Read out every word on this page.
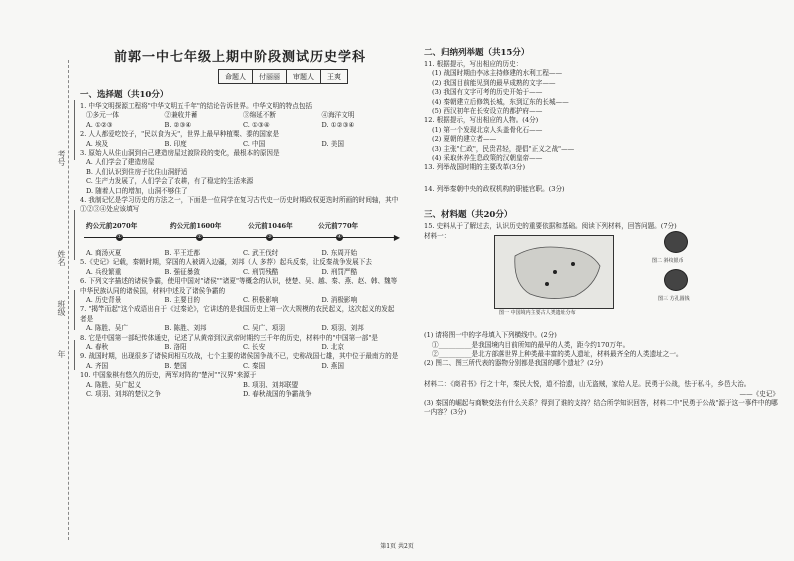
考号
姓名
班级
年
前郭一中七年级上期中阶段测试历史学科
命题人	付丽丽	审题人	王爽
一、选择题（共10分）

1. 中华文明探源工程将"中华文明五千年"的结论告诉世界。中华文明的特点包括

①多元一体	②兼收并蓄	③绵延不断	④海洋文明
A. ①②③	B. ②③④	C. ①③④	D. ①②③④

2. 人人都爱吃饺子，"民以食为天"，世界上最早种植粟、黍的国家是

A. 埃及	B. 印度	C. 中国	D. 美国

3. 原始人从住山洞到自己建造房屋过渡阶段的变化，最根本的原因是

A. 人们学会了建造房屋
B. 人们认识到住房子比住山洞舒适
C. 生产力发展了，人们学会了农耕，有了稳定的生活来源
D. 随着人口的增加，山洞不够住了

4. 我制记忆是学习历史的方法之一，下面是一位同学在复习古代史一历史时期政权更迭时所画的时间轴，其中①②③④处应该填写

▶
约公元前2070年	约公元前1600年	公元前1046年	公元前770年
①	②	③	④
A. 商汤灭夏	B. 平王迁都	C. 武王伐纣	D. 东周开始

5.《史记》记载，秦朝时期，穿国的人被调入边疆，刘邦（人 多荐）起兵反秦，让反秦战争发展下去

A. 兵役繁重	B. 强征暴敛	C. 刑罚残酷	D. 刑罚严酷

6. 下列文字描述的诸侯争霸，使用中国对"诸侯""诸夏"等概念的认识，使楚、吴、越、秦、燕、赵、韩、魏等中华民族认同的诸侯国，材料中述及了诸侯争霸的

A. 历史背景	B. 主要目的	C. 积极影响	D. 消极影响

7. "揭竿而起"这个成语出自于《过秦论》，它讲述的是我国历史上第一次大规模的农民起义，这次起义的发起者是

A. 陈胜、吴广	B. 陈胜、刘邦	C. 吴广、项羽	D. 项羽、刘邦

8. 它是中国第一部纪传体通史，记述了从黄帝到汉武帝时期约三千年的历史，材料中的"中国第一部"是

A. 春秋	B. 洛阳	C. 长安	D. 北京

9. 战国时期，出现很多了诸侯间相互攻战，七个主要的诸侯国争战不已，史称战国七雄，其中位于最南方的是

A. 齐国	B. 楚国	C. 秦国	D. 燕国

10. 中国象棋有悠久的历史，两军对阵的"楚河""汉界"来源于

A. 陈胜、吴广起义	B. 项羽、刘邦联盟
C. 项羽、刘邦的楚汉之争	D. 春秋战国的争霸战争
二、归纳列举题（共15分）

11. 根据提示，写出相应的历史：

(1) 战国时期由李冰主持修建的水利工程——

(2) 我国目前能见到的最早成熟的文字——

(3) 我国有文字可考的历史开始于——

(4) 秦朝建立后修筑长城，东到辽东的长城——

(5) 西汉初年在长安设立的都护府——

12. 根据提示，写出相应的人物。(4分)

(1) 第一个发现北京人头盖骨化石——

(2) 夏朝的建立者——

(3) 主张"仁政"，民贵君轻，提倡"正义之战"——

(4) 采取休养生息政策的汉朝皇帝——

13. 列举战国时期的主要改革(3分)

14. 列举秦朝中央的政权机构的职能官职。(3分)

三、材料题（共20分）

15. 史料从于了解过去，认识历史的重要依据和基础。阅读下列材料，回答问题。(7分)

材料一：

图一 中国境内主要古人类遗址分布
图二 斜纹银币
图三 方孔圆钱

(1) 请将图一中的字母填入下列横线中。(2分)

①__________是我国境内目前所知的最早的人类，距今约170万年。

②__________是北方部落世界上种类最丰富的类人遗址，材料最齐全的人类遗址之一。

(2) 图二、图三所代表的器物分别都是我国的哪个遗址？(2分)

材料二：《商君书》行之十年，秦民大悦，道不拾遗，山无盗贼，家给人足。民勇于公战，怯于私斗，乡邑大治。

——《史记》

(3) 秦国的崛起与商鞅变法有什么关系？得到了谁的支持？结合所学知识回答，材料二中"民勇于公战"源于这一事件中的哪一内容？(3分)

第1页 共2页
